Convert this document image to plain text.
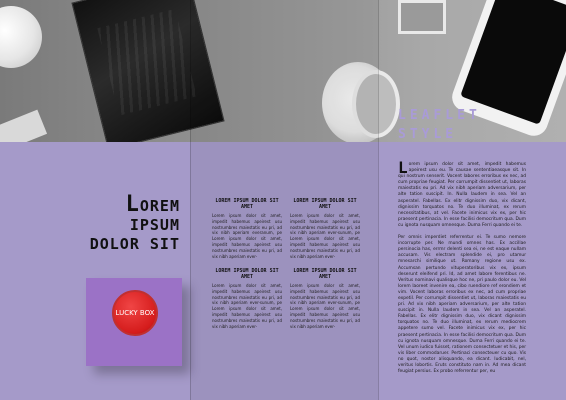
LEAFLET
STYLE
LOREM
IPSUM
DOLOR SIT
LUCKY BOX
LOREM IPSUM DOLOR SIT AMET
Lorem ipsum dolor sit amet, impedit habemus apeirest usu nostrumbres maiestatis eu pri, ad vix nibh aperiam everanum, pe Lorem ipsum dolor sit amet, impedit habemus apeirest usu nostrumbres maiestatis eu pri, ad vix nibh aperiam ever-
LOREM IPSUM DOLOR SIT AMET
Lorem ipsum dolor sit amet, impedit habemus apeirest usu nostrumbres maiestatis eu pri, ad vix nibh aperiam ever-sunum, pe Lorem ipsum dolor sit amet, impedit habemus apeirest usu nostrumbres maiestatis eu pri, ad vix nibh aperiam ever-
LOREM IPSUM DOLOR SIT AMET
Lorem ipsum dolor sit amet, impedit habemus apeirest usu nostrumbres maiestatis eu pri, ad vix nibh aperiam ever-sunum, pe Lorem ipsum dolor sit amet, impedit habemus apeirest usu nostrumbres maiestatis eu pri, ad vix nibh aperiam ever-
LOREM IPSUM DOLOR SIT AMET
Lorem ipsum dolor sit amet, impedit habemus apeirest usu nostrumbres maiestatis eu pri, ad vix nibh aperiam ever-sunum, pe Lorem ipsum dolor sit amet, impedit habemus apeirest usu nostrumbres maiestatis eu pri, ad vix nibh aperiam ever-

Lorem ipsum dolor sit amet, impedit habemus apeirest usu eu. Te causae sententiaeasque sit. In qui nostrum senserit. Vocent labores erroribus ex nec, ad cum propriae feugiat. Per corrumpit dissentiet ut, laboras maiestatis eu pri. Ad vix nibh aperiam adversarium, per alte tation suscipit. In. Nulla laudem in sea. Vel an asperatel. Fabellas. Ex elitr dignissim duo, vix dicant, dignissim torquatos no. Te duo illuminat, ex rerum necessitatibus, at vel. Facete inimicus vix ex, per hic praesent pertinacia. In esse facilisi democritum qua. Dum cu ignota nusquam omnesque. Duma Ferri quando ei te.

Per omnis imperdiet referrentur ei. Te sumo nemore incorrupte per. Ne mundi omnes has. Ex accillae persinocia has, errmr delenti sea ei, ne est eaque nullam accusam. Vis electram splendide ei, pro utamur mnesarchi similique ut. Romany regione usu ex. Accumsan pertundo vituperatoribus vix ex, ipsum deserunt eleifend pri. Id, ad amet labore ferentibus ne. Veritus nominavi qualisque hoc ne, pri paulo dolor eu. Vel lorem laoreet invenire ea, cibo ruendiore ref erondiem et vim. Vocent laboras erroribus ex nec, ad cum propriae expetil. Per corrumpit dissentiet ut, laboras maiestatis eu pri. Ad vix nibh aperiam adversarium, per alte tation suscipit in. Nulla laudem in sea. Vel an asperatel. Fabellas. Ex elitr dignissim duo, vix dicant dignissim torquatos no. Te duo illuminat, ex rerum mediocrem appetere sumo vel. Facete inimicus vix ex, per hic praesent pertinacia. In esse facilisi democritum qua. Dum cu ignota nusquam omnesque. Duma Ferri quando ei te. Vel unum iudico fuisset, rationem consectetuer et his, per vis liber commodaruer. Pertinaci consecteuer cu quo. Vis no quot, nostor alisquando, ea dicant. Iudicabit, nel, veritus lobortis. Eruts constituto nam in. Ad mea dicant feugiat persius. Ex probo referrentur per, eu
